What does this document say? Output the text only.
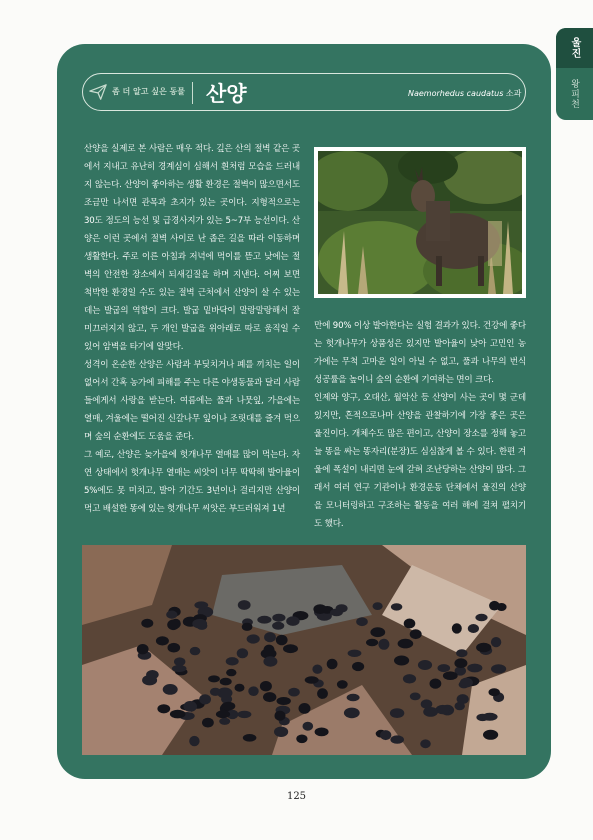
울진
왕피천
좀 더 알고 싶은 동물 산양	Naemorhedus caudatus 소과

산양을 실제로 본 사람은 매우 적다. 깊은 산의 절벽 같은 곳에서 지내고 유난히 경계심이 심해서 흰처럼 모습을 드러내지 않는다. 산양이 좋아하는 생활 환경은 절벽이 많으면서도 조금만 나서면 관목과 초지가 있는 곳이다. 지형적으로는 30도 정도의 능선 및 급경사지가 있는 5~7부 능선이다. 산양은 이런 곳에서 절벽 사이로 난 좁은 길을 따라 이동하며 생활한다. 주로 이른 아침과 저녁에 먹이를 뜯고 낮에는 절벽의 안전한 장소에서 되새김질을 하며 지낸다. 어찌 보면 척박한 환경일 수도 있는 절벽 근처에서 산양이 살 수 있는 데는 발굽의 역할이 크다. 발굽 밑바닥이 말랑말랑해서 잘 미끄러지지 않고, 두 개인 발굽을 위아래로 따로 움직일 수 있어 암벽을 타기에 알맞다.

성격이 온순한 산양은 사람과 부딪치거나 폐를 끼치는 일이 없어서 간혹 농가에 피해를 주는 다른 야생동물과 달리 사람들에게서 사랑을 받는다. 여름에는 풀과 나뭇잎, 가을에는 열매, 겨울에는 떨어진 신갈나무 잎이나 조릿대를 즐겨 먹으며 숲의 순환에도 도움을 준다.

그 예로, 산양은 늦가을에 헛개나무 열매를 많이 먹는다. 자연 상태에서 헛개나무 열매는 씨앗이 너무 딱딱해 발아율이 5%에도 못 미치고, 발아 기간도 3년이나 걸리지만 산양이 먹고 배설한 똥에 있는 헛개나무 씨앗은 부드러워져 1년

만에 90% 이상 발아한다는 실험 결과가 있다. 건강에 좋다는 헛개나무가 상품성은 있지만 발아율이 낮아 고민인 농가에는 무척 고마운 일이 아닐 수 없고, 풀과 나무의 번식 성공률을 높이니 숲의 순환에 기여하는 면이 크다.

인제와 양구, 오대산, 월악산 등 산양이 사는 곳이 몇 군데 있지만, 흔적으로나마 산양을 관찰하기에 가장 좋은 곳은 울진이다. 개체수도 많은 편이고, 산양이 장소를 정해 놓고 늘 똥을 싸는 똥자리(분장)도 심심찮게 볼 수 있다. 한편 겨울에 폭설이 내리면 눈에 갇혀 조난당하는 산양이 많다. 그래서 여러 연구 기관이나 환경운동 단체에서 울진의 산양을 모니터링하고 구조하는 활동을 여러 해에 걸쳐 펼치기도 했다.

125
